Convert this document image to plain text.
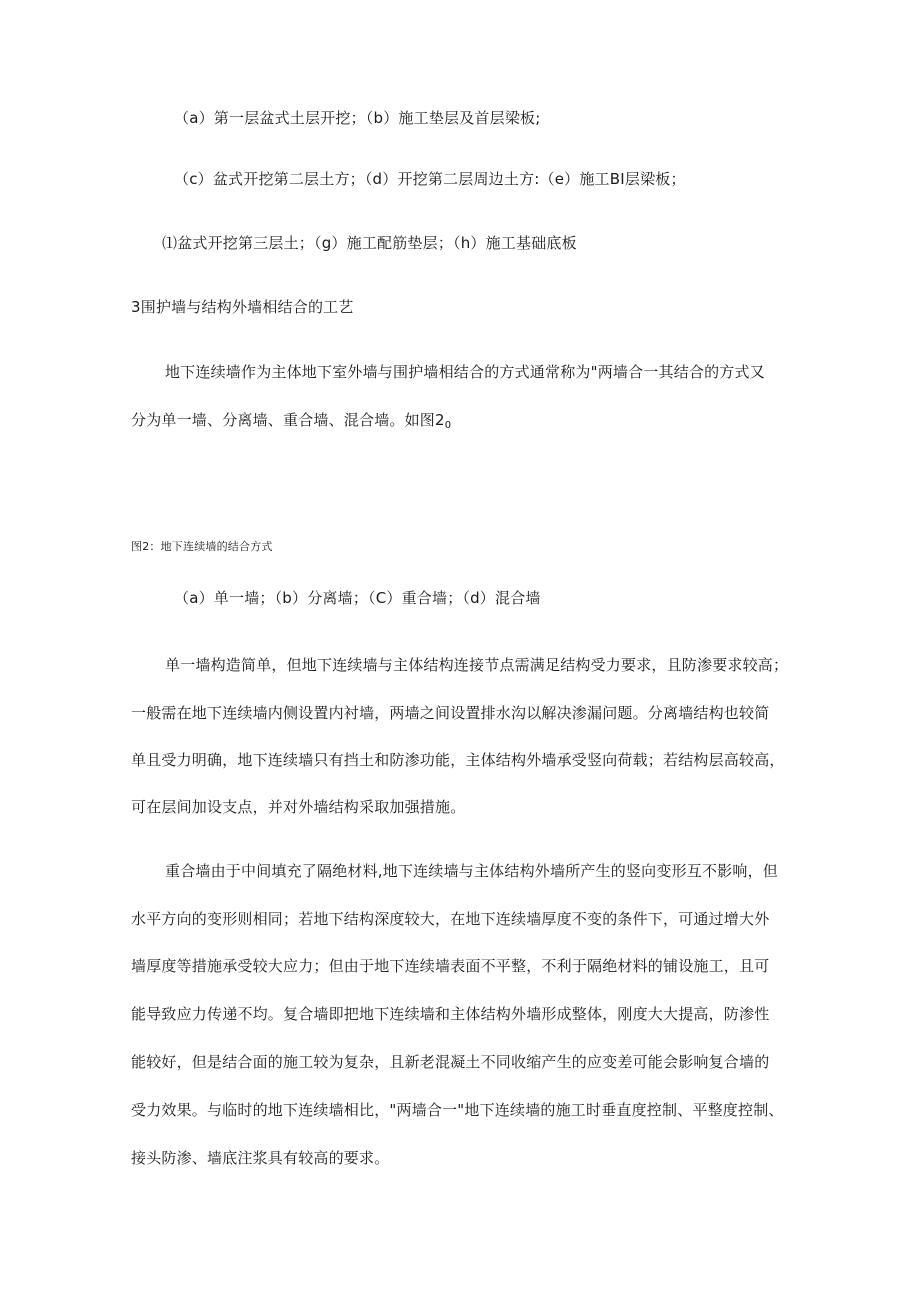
（a）第一层盆式土层开挖；（b）施工垫层及首层梁板;
（c）盆式开挖第二层土方；（d）开挖第二层周边土方:（e）施工BI层梁板；
⑴盆式开挖第三层土；（g）施工配筋垫层；（h）施工基础底板
3围护墙与结构外墙相结合的工艺
地下连续墙作为主体地下室外墙与围护墙相结合的方式通常称为"两墙合一其结合的方式又
分为单一墙、分离墙、重合墙、混合墙。如图$2_0$
图2：地下连续墙的结合方式
（a）单一墙；（b）分离墙；（C）重合墙；（d）混合墙
单一墙构造简单，但地下连续墙与主体结构连接节点需满足结构受力要求，且防渗要求较高；
一般需在地下连续墙内侧设置内衬墙，两墙之间设置排水沟以解决渗漏问题。分离墙结构也较简
单且受力明确，地下连续墙只有挡土和防渗功能，主体结构外墙承受竖向荷载；若结构层高较高，
可在层间加设支点，并对外墙结构采取加强措施。
重合墙由于中间填充了隔绝材料,地下连续墙与主体结构外墙所产生的竖向变形互不影响，但
水平方向的变形则相同；若地下结构深度较大，在地下连续墙厚度不变的条件下，可通过增大外
墙厚度等措施承受较大应力；但由于地下连续墙表面不平整，不利于隔绝材料的铺设施工，且可
能导致应力传递不均。复合墙即把地下连续墙和主体结构外墙形成整体，刚度大大提高，防渗性
能较好，但是结合面的施工较为复杂，且新老混凝土不同收缩产生的应变差可能会影响复合墙的
受力效果。与临时的地下连续墙相比，"两墙合一"地下连续墙的施工时垂直度控制、平整度控制、
接头防渗、墙底注浆具有较高的要求。
